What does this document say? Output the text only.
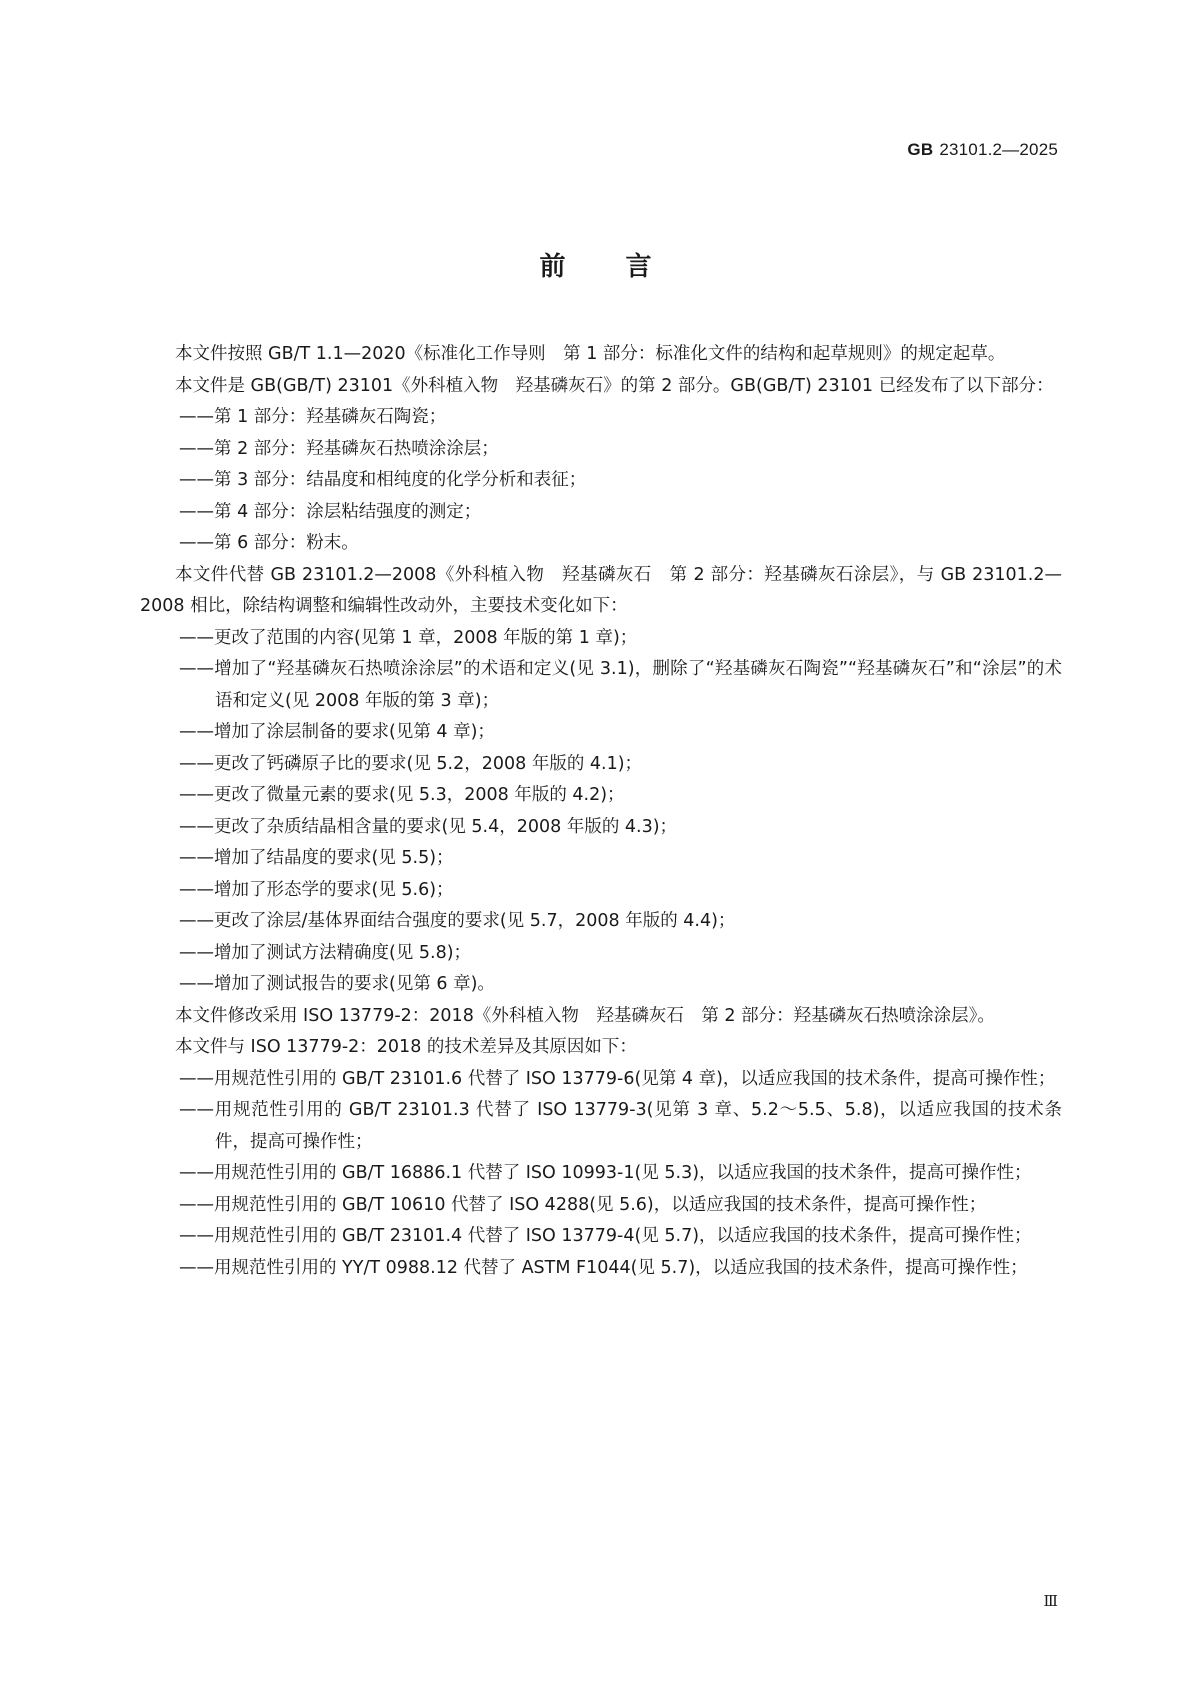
GB 23101.2—2025
前言

本文件按照 GB/T 1.1—2020《标准化工作导则　第 1 部分：标准化文件的结构和起草规则》的规定起草。

本文件是 GB(GB/T) 23101《外科植入物　羟基磷灰石》的第 2 部分。GB(GB/T) 23101 已经发布了以下部分：

——第 1 部分：羟基磷灰石陶瓷；

——第 2 部分：羟基磷灰石热喷涂涂层；

——第 3 部分：结晶度和相纯度的化学分析和表征；

——第 4 部分：涂层粘结强度的测定；

——第 6 部分：粉末。

本文件代替 GB 23101.2—2008《外科植入物　羟基磷灰石　第 2 部分：羟基磷灰石涂层》，与 GB 23101.2—2008 相比，除结构调整和编辑性改动外，主要技术变化如下：

——更改了范围的内容(见第 1 章，2008 年版的第 1 章)；

——增加了“羟基磷灰石热喷涂涂层”的术语和定义(见 3.1)，删除了“羟基磷灰石陶瓷”“羟基磷灰石”和“涂层”的术语和定义(见 2008 年版的第 3 章)；

——增加了涂层制备的要求(见第 4 章)；

——更改了钙磷原子比的要求(见 5.2，2008 年版的 4.1)；

——更改了微量元素的要求(见 5.3，2008 年版的 4.2)；

——更改了杂质结晶相含量的要求(见 5.4，2008 年版的 4.3)；

——增加了结晶度的要求(见 5.5)；

——增加了形态学的要求(见 5.6)；

——更改了涂层/基体界面结合强度的要求(见 5.7，2008 年版的 4.4)；

——增加了测试方法精确度(见 5.8)；

——增加了测试报告的要求(见第 6 章)。

本文件修改采用 ISO 13779-2：2018《外科植入物　羟基磷灰石　第 2 部分：羟基磷灰石热喷涂涂层》。

本文件与 ISO 13779-2：2018 的技术差异及其原因如下：

——用规范性引用的 GB/T 23101.6 代替了 ISO 13779-6(见第 4 章)，以适应我国的技术条件，提高可操作性；

——用规范性引用的 GB/T 23101.3 代替了 ISO 13779-3(见第 3 章、5.2～5.5、5.8)，以适应我国的技术条件，提高可操作性；

——用规范性引用的 GB/T 16886.1 代替了 ISO 10993-1(见 5.3)，以适应我国的技术条件，提高可操作性；

——用规范性引用的 GB/T 10610 代替了 ISO 4288(见 5.6)，以适应我国的技术条件，提高可操作性；

——用规范性引用的 GB/T 23101.4 代替了 ISO 13779-4(见 5.7)，以适应我国的技术条件，提高可操作性；

——用规范性引用的 YY/T 0988.12 代替了 ASTM F1044(见 5.7)，以适应我国的技术条件，提高可操作性；

Ⅲ
